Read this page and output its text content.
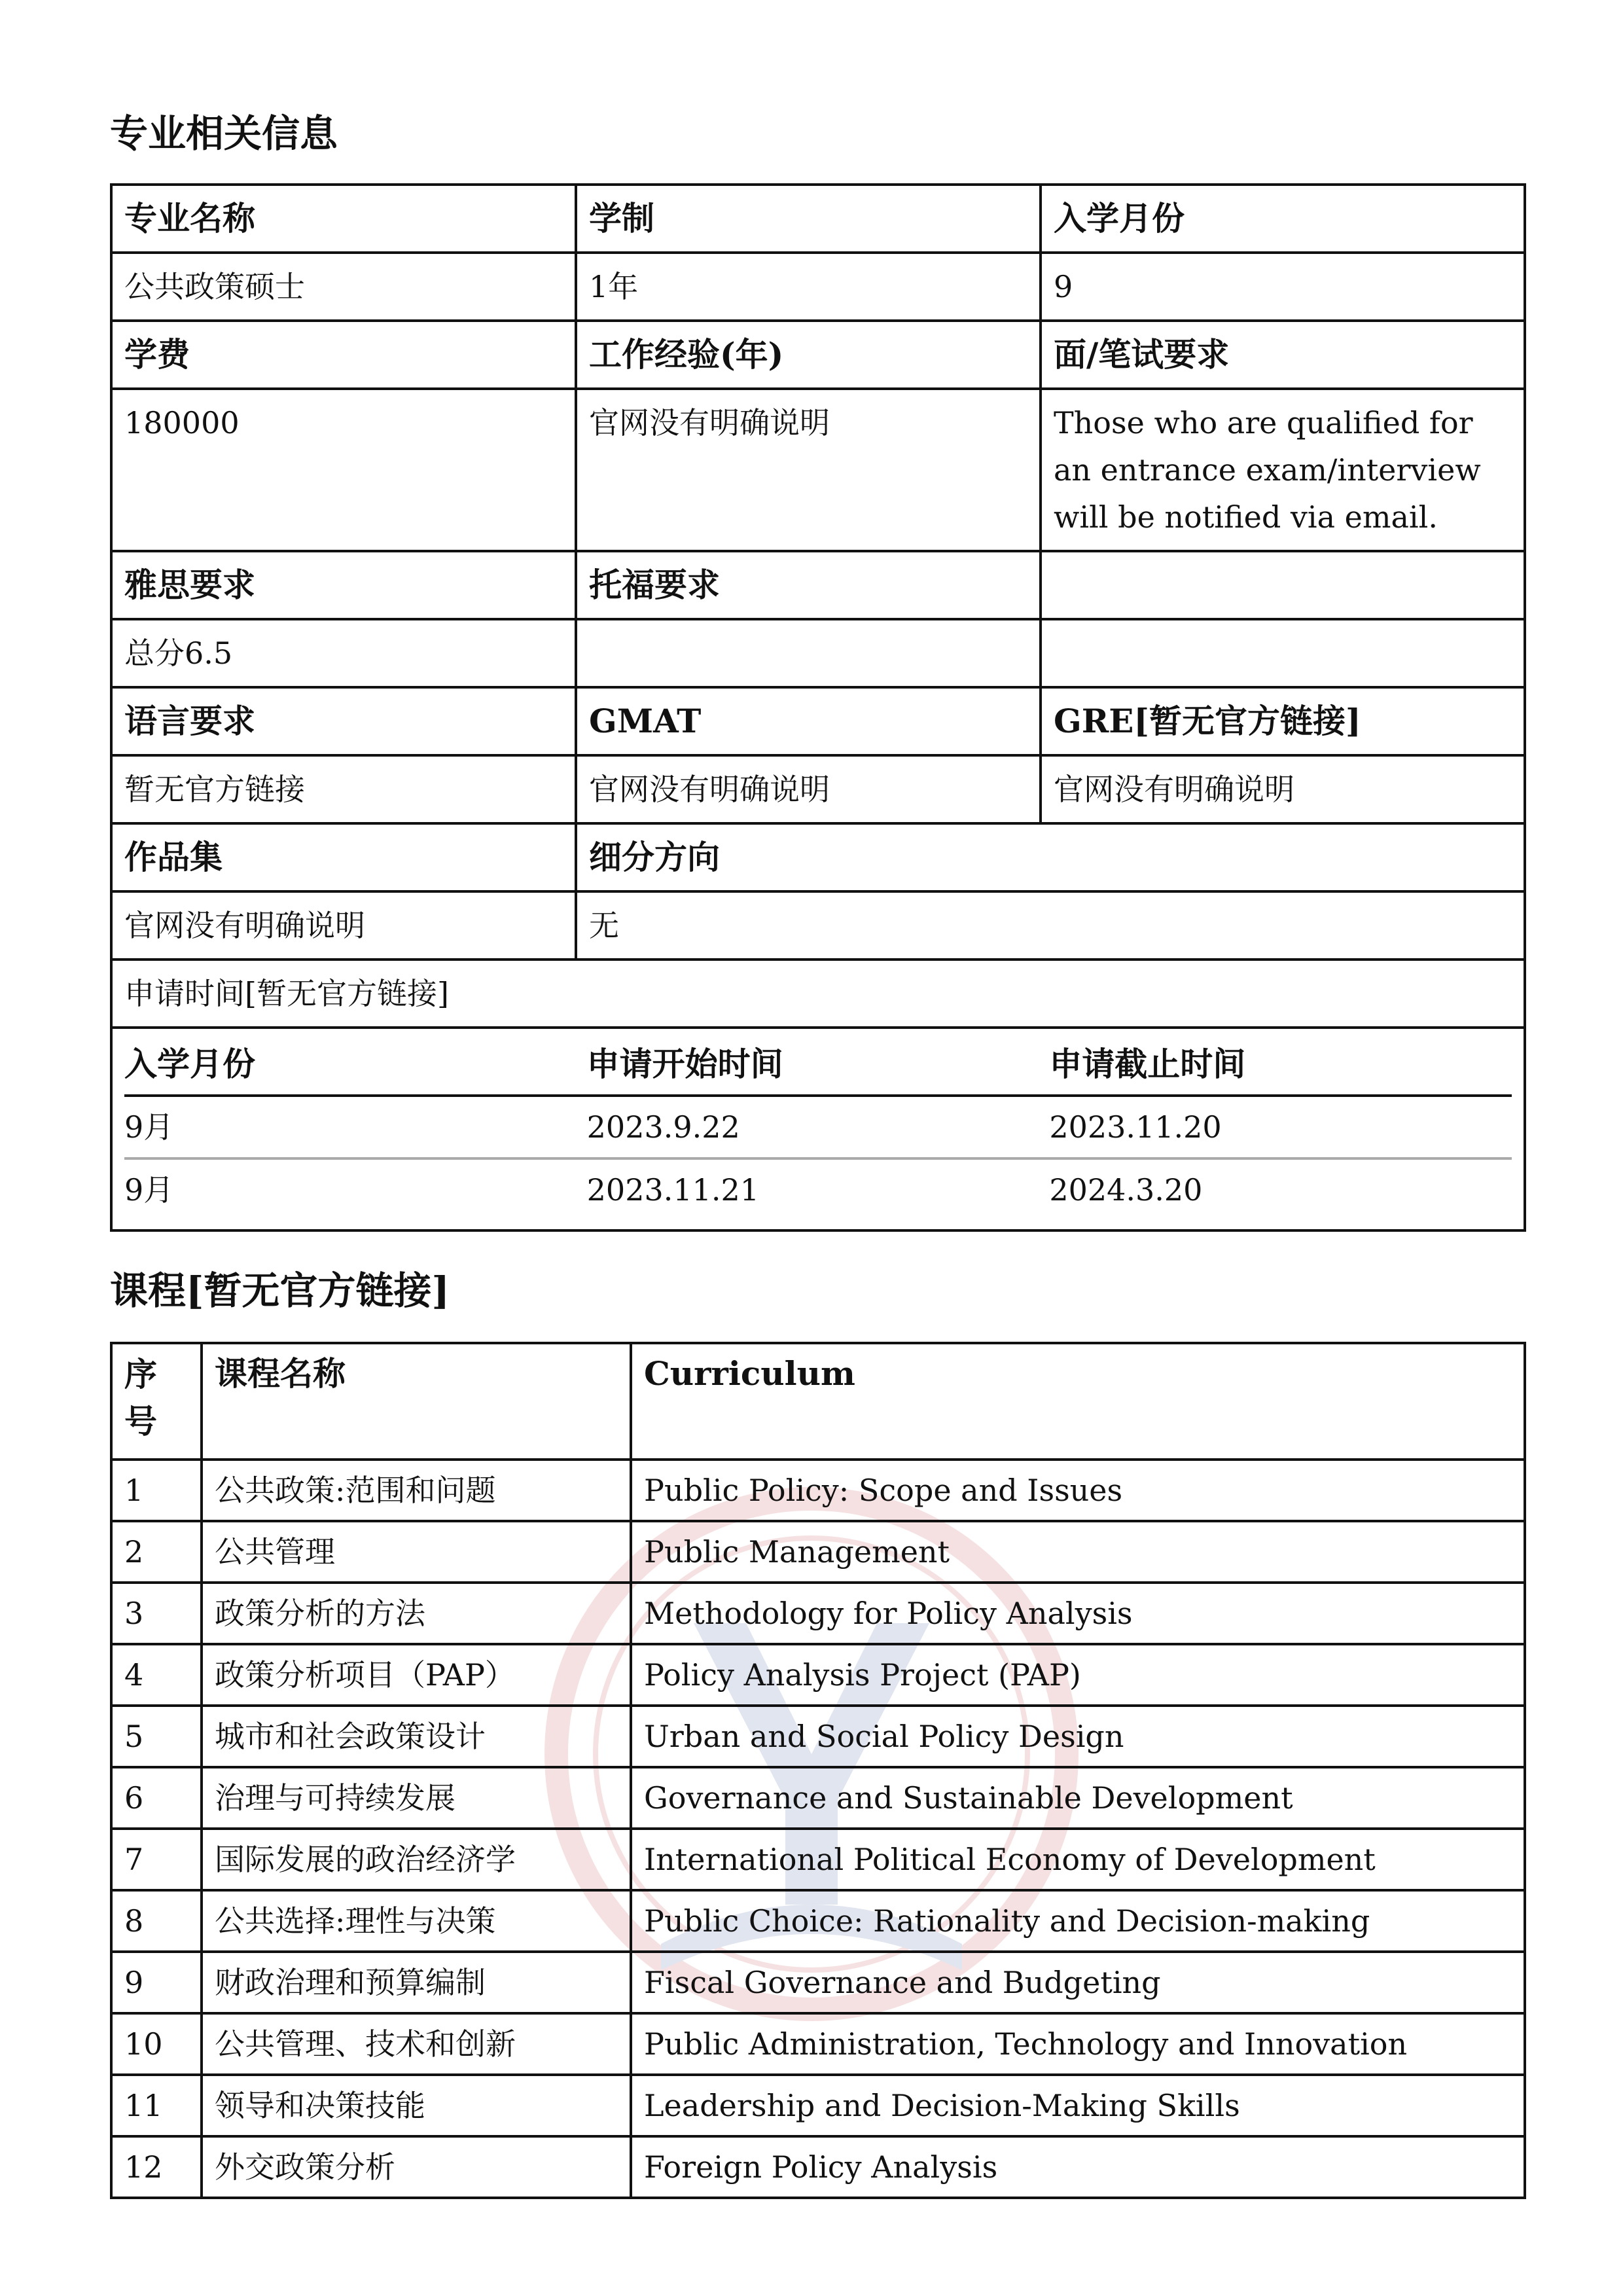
专业相关信息
专业名称	学制	入学月份
公共政策硕士	1年	9
学费	工作经验(年)	面/笔试要求
180000	官网没有明确说明	Those who are qualified for an entrance exam/interview will be notified via email.
雅思要求	托福要求	
总分6.5		
语言要求	GMAT	GRE[暂无官方链接]
暂无官方链接	官网没有明确说明	官网没有明确说明
作品集	细分方向
官网没有明确说明	无
申请时间[暂无官方链接]

入学月份	申请开始时间	申请截止时间
9月	2023.9.22	2023.11.20
9月	2023.11.21	2024.3.20
课程[暂无官方链接]
序号	课程名称	Curriculum
1	公共政策:范围和问题	Public Policy: Scope and Issues
2	公共管理	Public Management
3	政策分析的方法	Methodology for Policy Analysis
4	政策分析项目（PAP）	Policy Analysis Project (PAP)
5	城市和社会政策设计	Urban and Social Policy Design
6	治理与可持续发展	Governance and Sustainable Development
7	国际发展的政治经济学	International Political Economy of Development
8	公共选择:理性与决策	Public Choice: Rationality and Decision-making
9	财政治理和预算编制	Fiscal Governance and Budgeting
10	公共管理、技术和创新	Public Administration, Technology and Innovation
11	领导和决策技能	Leadership and Decision-Making Skills
12	外交政策分析	Foreign Policy Analysis
